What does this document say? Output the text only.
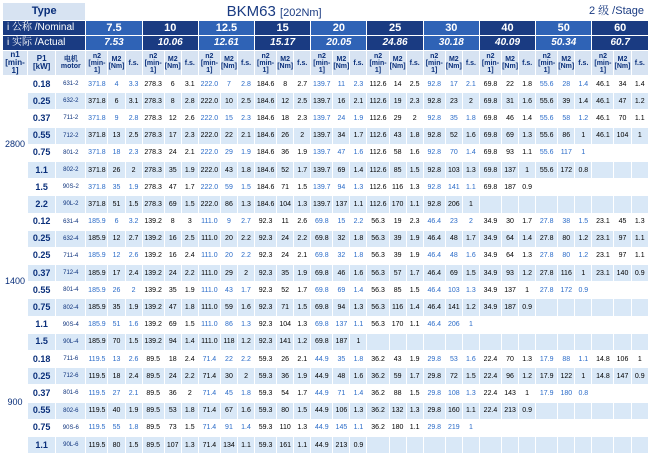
Type			BKM63 [202Nm]																				2 级 /Stage									
i 公称 /Nominal			7.5			10			12.5			15			20			25			30			40			50			60		
i 实际 /Actual			7.53			10.06			12.61			15.17			20.05			24.86			30.18			40.09			50.34			60.7		
n1 [min-1]	P1 [kW]	电机 motor	n2 [min-1]	M2 [Nm]	f.s.	n2 [min-1]	M2 [Nm]	f.s.	n2 [min-1]	M2 [Nm]	f.s.	n2 [min-1]	M2 [Nm]	f.s.	n2 [min-1]	M2 [Nm]	f.s.	n2 [min-1]	M2 [Nm]	f.s.	n2 [min-1]	M2 [Nm]	f.s.	n2 [min-1]	M2 [Nm]	f.s.	n2 [min-1]	M2 [Nm]	f.s.	n2 [min-1]	M2 [Nm]	f.s.
2800	0.18	631-2	371.8	4	3.3	278.3	6	3.1	222.0	7	2.8	184.6	8	2.7	139.7	11	2.3	112.6	14	2.5	92.8	17	2.1	69.8	22	1.8	55.6	28	1.4	46.1	34	1.4
	0.25	632-2	371.8	6	3.1	278.3	8	2.8	222.0	10	2.5	184.6	12	2.5	139.7	16	2.1	112.6	19	2.3	92.8	23	2	69.8	31	1.6	55.6	39	1.4	46.1	47	1.2
	0.37	711-2	371.8	9	2.8	278.3	12	2.6	222.0	15	2.3	184.6	18	2.3	139.7	24	1.9	112.6	29	2	92.8	35	1.8	69.8	46	1.4	55.6	58	1.2	46.1	70	1.1
	0.55	712-2	371.8	13	2.5	278.3	17	2.3	222.0	22	2.1	184.6	26	2	139.7	34	1.7	112.6	43	1.8	92.8	52	1.6	69.8	69	1.3	55.6	86	1	46.1	104	1
	0.75	801-2	371.8	18	2.3	278.3	24	2.1	222.0	29	1.9	184.6	36	1.9	139.7	47	1.6	112.6	58	1.6	92.8	70	1.4	69.8	93	1.1	55.6	117	1			
	1.1	802-2	371.8	26	2	278.3	35	1.9	222.0	43	1.8	184.6	52	1.7	139.7	69	1.4	112.6	85	1.5	92.8	103	1.3	69.8	137	1	55.6	172	0.8			
	1.5	90S-2	371.8	35	1.9	278.3	47	1.7	222.0	59	1.5	184.6	71	1.5	139.7	94	1.3	112.6	116	1.3	92.8	141	1.1	69.8	187	0.9						
	2.2	90L-2	371.8	51	1.5	278.3	69	1.5	222.0	86	1.3	184.6	104	1.3	139.7	137	1.1	112.6	170	1.1	92.8	206	1									
1400	0.12	631-4	185.9	6	3.2	139.2	8	3	111.0	9	2.7	92.3	11	2.6	69.8	15	2.2	56.3	19	2.3	46.4	23	2	34.9	30	1.7	27.8	38	1.5	23.1	45	1.3
	0.25	632-4	185.9	12	2.7	139.2	16	2.5	111.0	20	2.2	92.3	24	2.2	69.8	32	1.8	56.3	39	1.9	46.4	48	1.7	34.9	64	1.4	27.8	80	1.2	23.1	97	1.1
	0.25	711-4	185.9	12	2.6	139.2	16	2.4	111.0	20	2.2	92.3	24	2.1	69.8	32	1.8	56.3	39	1.9	46.4	48	1.6	34.9	64	1.3	27.8	80	1.2	23.1	97	1.1
	0.37	712-4	185.9	17	2.4	139.2	24	2.2	111.0	29	2	92.3	35	1.9	69.8	46	1.6	56.3	57	1.7	46.4	69	1.5	34.9	93	1.2	27.8	116	1	23.1	140	0.9
	0.55	801-4	185.9	26	2	139.2	35	1.9	111.0	43	1.7	92.3	52	1.7	69.8	69	1.4	56.3	85	1.5	46.4	103	1.3	34.9	137	1	27.8	172	0.9			
	0.75	802-4	185.9	35	1.9	139.2	47	1.8	111.0	59	1.6	92.3	71	1.5	69.8	94	1.3	56.3	116	1.4	46.4	141	1.2	34.9	187	0.9						
	1.1	90S-4	185.9	51	1.6	139.2	69	1.5	111.0	86	1.3	92.3	104	1.3	69.8	137	1.1	56.3	170	1.1	46.4	206	1									
	1.5	90L-4	185.9	70	1.5	139.2	94	1.4	111.0	118	1.2	92.3	141	1.2	69.8	187	1															
900	0.18	711-6	119.5	13	2.6	89.5	18	2.4	71.4	22	2.2	59.3	26	2.1	44.9	35	1.8	36.2	43	1.9	29.8	53	1.6	22.4	70	1.3	17.9	88	1.1	14.8	106	1
	0.25	712-6	119.5	18	2.4	89.5	24	2.2	71.4	30	2	59.3	36	1.9	44.9	48	1.6	36.2	59	1.7	29.8	72	1.5	22.4	96	1.2	17.9	122	1	14.8	147	0.9
	0.37	801-6	119.5	27	2.1	89.5	36	2	71.4	45	1.8	59.3	54	1.7	44.9	71	1.4	36.2	88	1.5	29.8	108	1.3	22.4	143	1	17.9	180	0.8			
	0.55	802-6	119.5	40	1.9	89.5	53	1.8	71.4	67	1.6	59.3	80	1.5	44.9	106	1.3	36.2	132	1.3	29.8	160	1.1	22.4	213	0.9						
	0.75	90S-6	119.5	55	1.8	89.5	73	1.5	71.4	91	1.4	59.3	110	1.3	44.9	145	1.1	36.2	180	1.1	29.8	219	1									
	1.1	90L-6	119.5	80	1.5	89.5	107	1.3	71.4	134	1.1	59.3	161	1.1	44.9	213	0.9															
